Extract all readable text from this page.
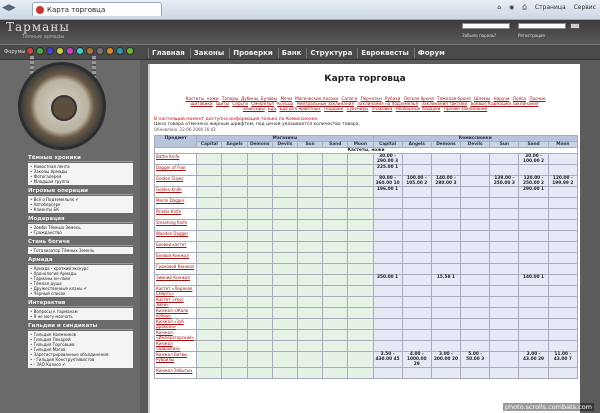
◀▶	Карта торговца	⌂ ◉ ⎙ Страница Сервис
Тарманы
Тёмные армады	Забыли пароль?	Регистрация
Форумы	Главная	Законы	Проверки	Банк	Структура	Евроквесты	Форум
Тёмные хроники
• Новостная лента
• Законы Армады
• Фотогалерея
• Младшая группа
Игровые операции
• Всё о Подземельях ✔
• Автоберсерк
• Клиенты БК
Модерация
• Зомби Тёмных Земель
• Гражданство
Стань богаче
• Тотализатор Тёмных Земель
Армада
• Армада - краткий экскурс
• Хронология Армады
• Тарманы он-лайн
• Тёмная душа
• Дружественные кланы ✔
• Чёрный список
Интерактив
• Вопросы к тарманам
• Я не могу молчать
Гильдии и синдикаты
• Гильдия Наемников
• Гильдия Лекарей
• Гильдия Торговцев
• Гильдия Магов
• Зарегистрированные объединения:
• - Гильдия Конструктивистов
• - ЗАО Колхоз ✔
Карта торговца
Кастеты, ножи Топоры, Дубины, Булавы Мечи Магические посохи Сапоги Перчатки Рубахи Легкая броня Тяжелая броня Шлемы Наручи Пояса Прочие щитовики Щиты Серьги Ожерелья Кольца Нейтральные заклинания Заклинания на подземелья Заклинания тактики Боевые Кармашки заклинания Эликсиры Еда Еда для животных Подарки Сувениры Упаковка Необорные подарки Прочие заклинания
В настоящий момент доступна информация только по Комиссионке.
Цена товара отмечена жирным шрифтом, под ценой указывается количество товара.
Обновлено: 22-06-2008 16:42
Предмет	Магазины							Комиссионки						
	Capital	Angels	Demons	Devils	Sun	Sand	Moon	Capital	Angels	Demons	Devils	Sun	Sand	Moon
Кастеты, ножи														
Battle Knife								30.00 - 290.00 3					30.00 - 100.00 2	
Dagger of Fear								225.00 1						
Golden Claws								80.00 - 360.00 10	100.00 - 105.00 2	140.00 - 280.00 3		139.00 - 250.00 3	120.00 - 250.00 2	120.00 - 199.99 2
Golden Knife								196.00 1					290.00 1	
Merlin Dagger														
Pirates Knife														
Smashing Knife														
Wooden Dagger														
Боевой кастет														
Боевой Кинжал														
Громовой Кинжал														
Зимний Кинжал								350.00 1		15.58 1			140.00 1	
Кастет «Ледяная Смерть»														
Кастет «Укус змеи»														
Кинжал «Жало кобры»														
Кинжал «Зуб дракона»														
Кинжал «Императорский»														
Кинжал «Широкий»														
Кинжал Битвы Рубрилы								3.50 - 430.00 45	4.00 - 1000.00 29	3.00 - 200.00 20	5.00 - 50.00 3		3.00 - 43.00 29	11.00 - 43.00 7
Кинжал Забытых														
photo.scrolls.combats.com
